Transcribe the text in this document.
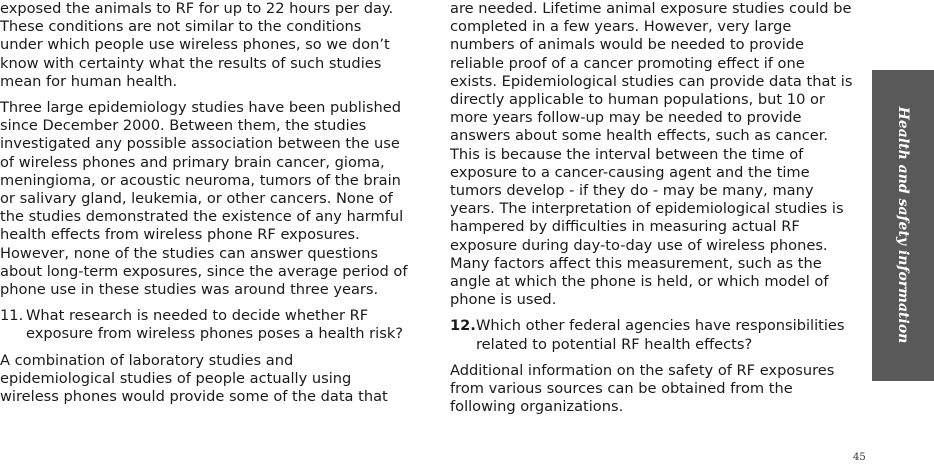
exposed the animals to RF for up to 22 hours per day. These conditions are not similar to the conditions under which people use wireless phones, so we don’t know with certainty what the results of such studies mean for human health.

Three large epidemiology studies have been published since December 2000. Between them, the studies investigated any possible association between the use of wireless phones and primary brain cancer, gioma, meningioma, or acoustic neuroma, tumors of the brain or salivary gland, leukemia, or other cancers. None of the studies demonstrated the existence of any harmful health effects from wireless phone RF exposures. However, none of the studies can answer questions about long-term exposures, since the average period of phone use in these studies was around three years.

11. What research is needed to decide whether RF exposure from wireless phones poses a health risk?

A combination of laboratory studies and epidemiological studies of people actually using wireless phones would provide some of the data that

are needed. Lifetime animal exposure studies could be completed in a few years. However, very large numbers of animals would be needed to provide reliable proof of a cancer promoting effect if one exists. Epidemiological studies can provide data that is directly applicable to human populations, but 10 or more years follow-up may be needed to provide answers about some health effects, such as cancer. This is because the interval between the time of exposure to a cancer-causing agent and the time tumors develop - if they do - may be many, many years. The interpretation of epidemiological studies is hampered by difficulties in measuring actual RF exposure during day-to-day use of wireless phones. Many factors affect this measurement, such as the angle at which the phone is held, or which model of phone is used.

12. Which other federal agencies have responsibilities related to potential RF health effects?

Additional information on the safety of RF exposures from various sources can be obtained from the following organizations.

Health and safety information
45
